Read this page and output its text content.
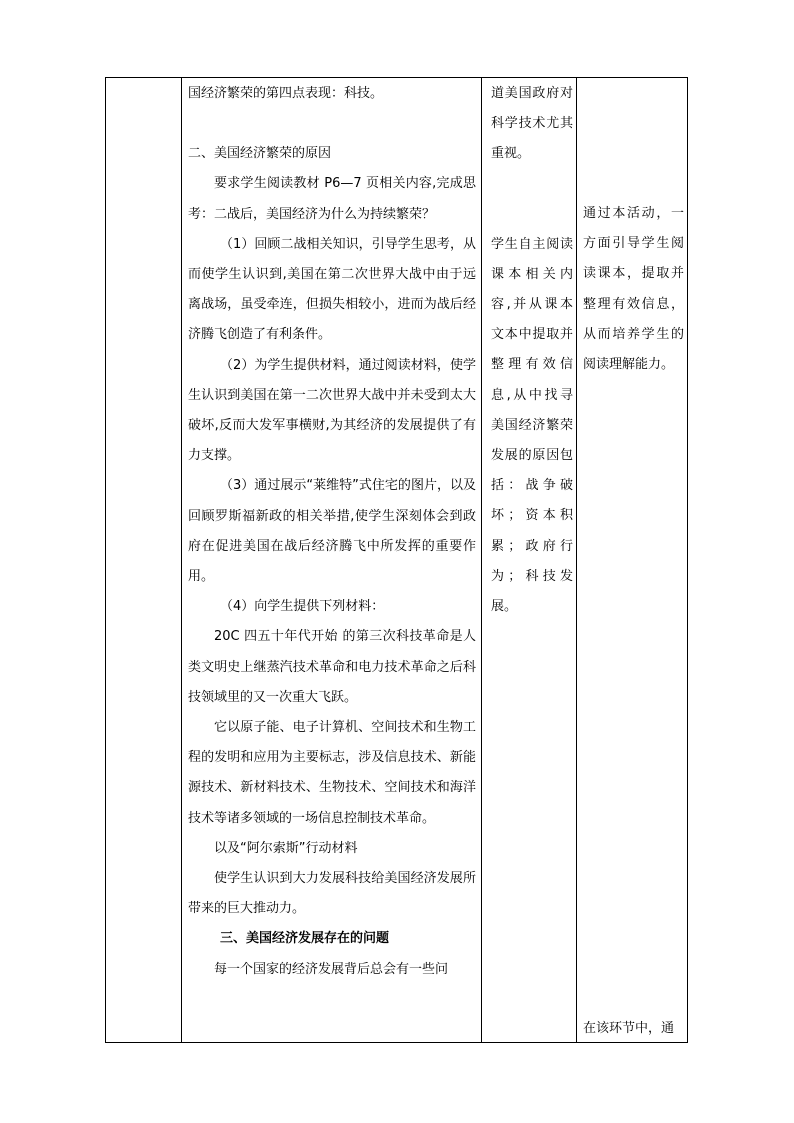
国经济繁荣的第四点表现：科技。

二、美国经济繁荣的原因

要求学生阅读教材 P6—7 页相关内容,完成思考：二战后，美国经济为什么为持续繁荣？

（1）回顾二战相关知识，引导学生思考，从而使学生认识到,美国在第二次世界大战中由于远离战场，虽受牵连，但损失相较小，进而为战后经济腾飞创造了有利条件。

（2）为学生提供材料，通过阅读材料，使学生认识到美国在第一二次世界大战中并未受到太大破坏,反而大发军事横财,为其经济的发展提供了有力支撑。

（3）通过展示“莱维特”式住宅的图片，以及回顾罗斯福新政的相关举措,使学生深刻体会到政府在促进美国在战后经济腾飞中所发挥的重要作用。

（4）向学生提供下列材料：

20C 四五十年代开始 的第三次科技革命是人类文明史上继蒸汽技术革命和电力技术革命之后科技领域里的又一次重大飞跃。

它以原子能、电子计算机、空间技术和生物工程的发明和应用为主要标志，涉及信息技术、新能源技术、新材料技术、生物技术、空间技术和海洋技术等诸多领域的一场信息控制技术革命。

以及“阿尔索斯”行动材料

使学生认识到大力发展科技给美国经济发展所带来的巨大推动力。

三、美国经济发展存在的问题

每一个国家的经济发展背后总会有一些问

道美国政府对科学技术尤其重视。

学生自主阅读课本相关内容,并从课本文本中提取并整理有效信息,从中找寻美国经济繁荣发展的原因包括：战争破坏；资本积累；政府行为；科技发展。

通过本活动，一方面引导学生阅读课本，提取并整理有效信息，从而培养学生的阅读理解能力。

在该环节中，通
